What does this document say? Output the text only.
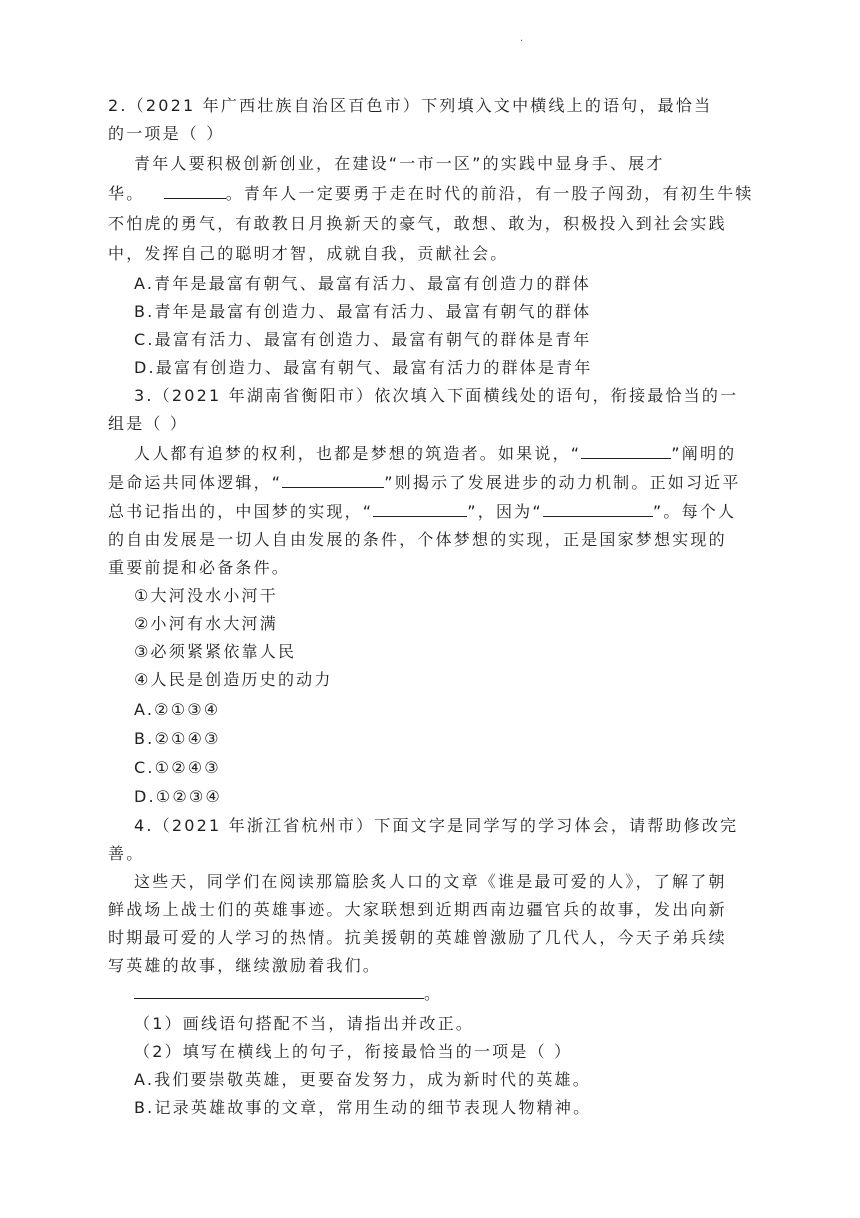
·
2.（2021 年广西壮族自治区百色市）下列填入文中横线上的语句，最恰当
的一项是（ ）
青年人要积极创新创业，在建设“一市一区”的实践中显身手、展才
华。	。青年人一定要勇于走在时代的前沿，有一股子闯劲，有初生牛犊
不怕虎的勇气，有敢教日月换新天的豪气，敢想、敢为，积极投入到社会实践
中，发挥自己的聪明才智，成就自我，贡献社会。
A.青年是最富有朝气、最富有活力、最富有创造力的群体
B.青年是最富有创造力、最富有活力、最富有朝气的群体
C.最富有活力、最富有创造力、最富有朝气的群体是青年
D.最富有创造力、最富有朝气、最富有活力的群体是青年
3.（2021 年湖南省衡阳市）依次填入下面横线处的语句，衔接最恰当的一
组是（ ）
人人都有追梦的权利，也都是梦想的筑造者。如果说，“	”阐明的
是命运共同体逻辑，“	”则揭示了发展进步的动力机制。正如习近平
总书记指出的，中国梦的实现，“	”，因为“	”。每个人
的自由发展是一切人自由发展的条件，个体梦想的实现，正是国家梦想实现的
重要前提和必备条件。
①大河没水小河干
②小河有水大河满
③必须紧紧依靠人民
④人民是创造历史的动力
A.②①③④
B.②①④③
C.①②④③
D.①②③④
4.（2021 年浙江省杭州市）下面文字是同学写的学习体会，请帮助修改完
善。
这些天，同学们在阅读那篇脍炙人口的文章《谁是最可爱的人》，了解了朝
鲜战场上战士们的英雄事迹。大家联想到近期西南边疆官兵的故事，发出向新
时期最可爱的人学习的热情。抗美援朝的英雄曾激励了几代人，今天子弟兵续
写英雄的故事，继续激励着我们。
。
（1）画线语句搭配不当，请指出并改正。
（2）填写在横线上的句子，衔接最恰当的一项是（ ）
A.我们要崇敬英雄，更要奋发努力，成为新时代的英雄。
B.记录英雄故事的文章，常用生动的细节表现人物精神。
